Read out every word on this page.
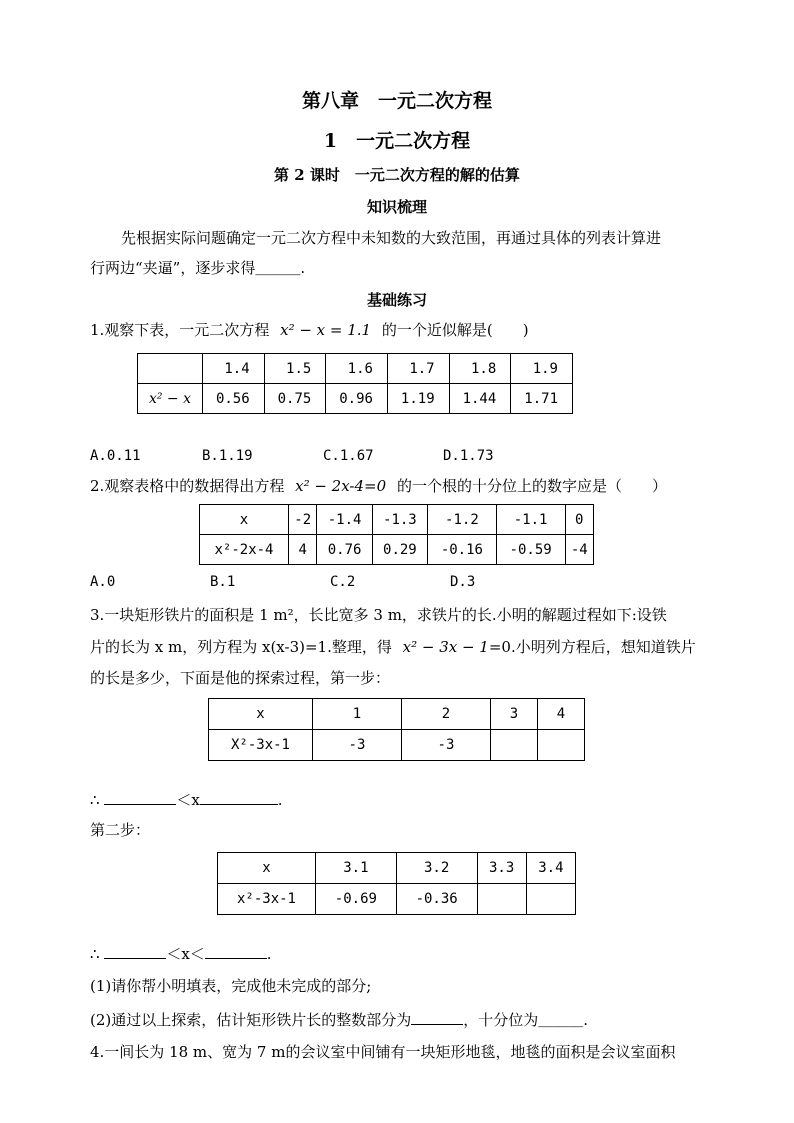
第八章　一元二次方程
1　一元二次方程
第 2 课时　一元二次方程的解的估算
知识梳理
先根据实际问题确定一元二次方程中未知数的大致范围，再通过具体的列表计算进
行两边“夹逼”，逐步求得＿＿＿.
基础练习
1.观察下表，一元二次方程 x² − x = 1.1 的一个近似解是(　　)
	1.4	1.5	1.6	1.7	1.8	1.9
x² − x	0.56	0.75	0.96	1.19	1.44	1.71
A.0.11	B.1.19	C.1.67	D.1.73
2.观察表格中的数据得出方程 x² − 2x-4=0 的一个根的十分位上的数字应是（　　）
x	-2	-1.4	-1.3	-1.2	-1.1	0
x²-2x-4	4	0.76	0.29	-0.16	-0.59	-4
A.0	B.1	C.2	D.3
3.一块矩形铁片的面积是 1 m²，长比宽多 3 m，求铁片的长.小明的解题过程如下:设铁
片的长为 x m，列方程为 x(x-3)=1.整理，得 x² − 3x − 1=0.小明列方程后，想知道铁片
的长是多少，下面是他的探索过程，第一步：
x	1	2	3	4
X²-3x-1	-3	-3		
∴	＜x	.
第二步：
x	3.1	3.2	3.3	3.4
x²-3x-1	-0.69	-0.36		
∴	＜x＜	.
(1)请你帮小明填表，完成他未完成的部分;
(2)通过以上探索，估计矩形铁片长的整数部分为	，十分位为＿＿＿.
4.一间长为 18 m、宽为 7 m的会议室中间铺有一块矩形地毯，地毯的面积是会议室面积
